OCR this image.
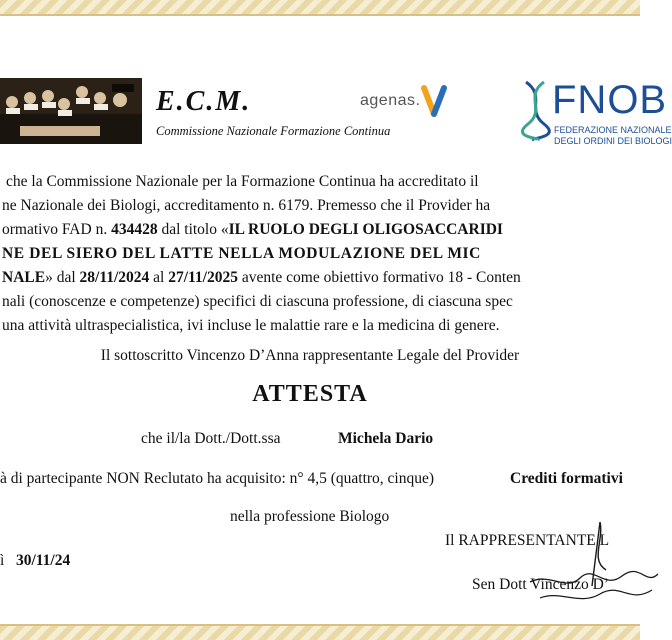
E.C.M.
Commissione Nazionale Formazione Continua
agenas.	FNOB
FEDERAZIONE NAZIONALE
DEGLI ORDINI DEI BIOLOGI
che la Commissione Nazionale per la Formazione Continua ha accreditato il
ne Nazionale dei Biologi, accreditamento n. 6179. Premesso che il Provider ha
ormativo FAD n. 434428 dal titolo «IL RUOLO DEGLI OLIGOSACCARIDI
NE DEL SIERO DEL LATTE NELLA MODULAZIONE DEL MIC
NALE» dal 28/11/2024 al 27/11/2025 avente come obiettivo formativo 18 - Conten
nali (conoscenze e competenze) specifici di ciascuna professione, di ciascuna spec
una attività ultraspecialistica, ivi incluse le malattie rare e la medicina di genere.
Il sottoscritto Vincenzo D’Anna rappresentante Legale del Provider
ATTESTA
che il/la Dott./Dott.ssa	Michela Dario
à di partecipante NON Reclutato ha acquisito: n° 4,5 (quattro, cinque)	Crediti formativi
nella professione Biologo
ì 30/11/24
Il RAPPRESENTANTE L
Sen Dott Vincenzo D’
